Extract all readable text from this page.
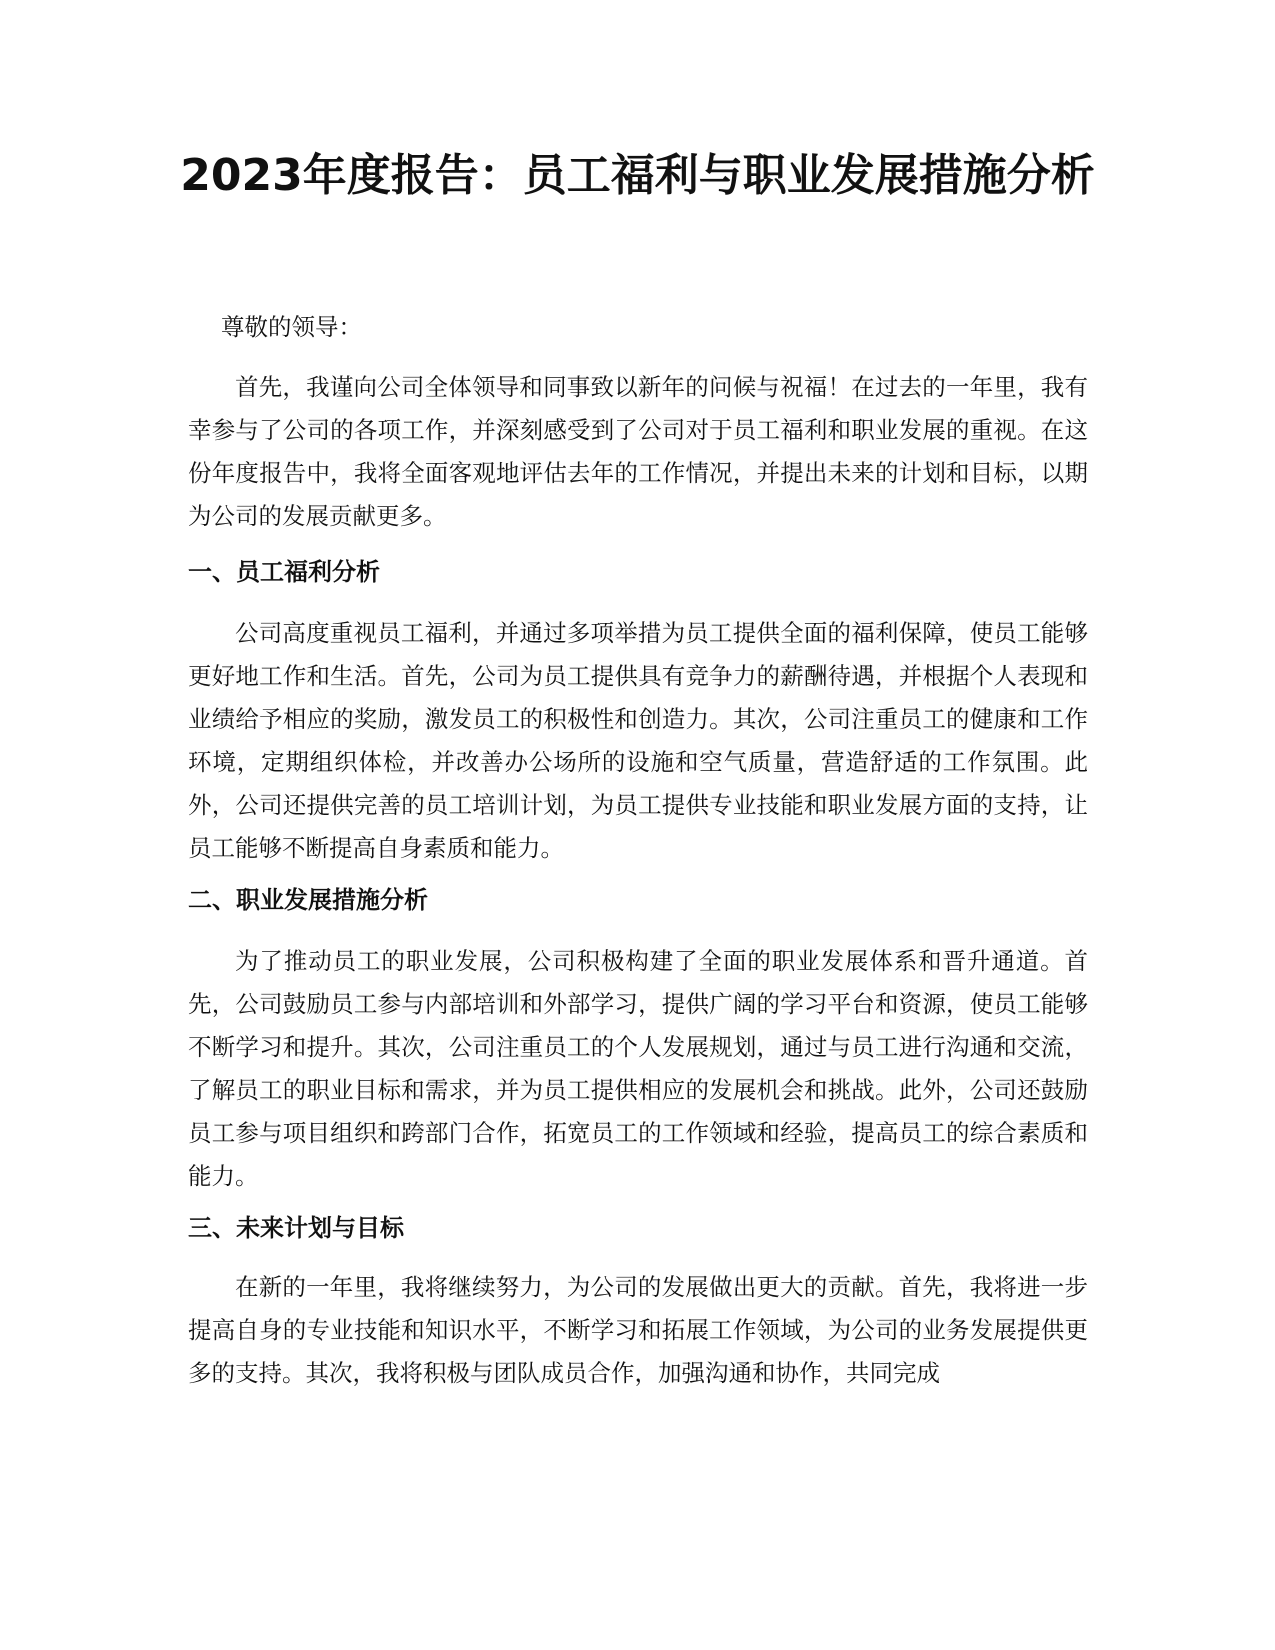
2023年度报告：员工福利与职业发展措施分析

尊敬的领导：

首先，我谨向公司全体领导和同事致以新年的问候与祝福！在过去的一年里，我有幸参与了公司的各项工作，并深刻感受到了公司对于员工福利和职业发展的重视。在这份年度报告中，我将全面客观地评估去年的工作情况，并提出未来的计划和目标，以期为公司的发展贡献更多。

一、员工福利分析

公司高度重视员工福利，并通过多项举措为员工提供全面的福利保障，使员工能够更好地工作和生活。首先，公司为员工提供具有竞争力的薪酬待遇，并根据个人表现和业绩给予相应的奖励，激发员工的积极性和创造力。其次，公司注重员工的健康和工作环境，定期组织体检，并改善办公场所的设施和空气质量，营造舒适的工作氛围。此外，公司还提供完善的员工培训计划，为员工提供专业技能和职业发展方面的支持，让员工能够不断提高自身素质和能力。

二、职业发展措施分析

为了推动员工的职业发展，公司积极构建了全面的职业发展体系和晋升通道。首先，公司鼓励员工参与内部培训和外部学习，提供广阔的学习平台和资源，使员工能够不断学习和提升。其次，公司注重员工的个人发展规划，通过与员工进行沟通和交流，了解员工的职业目标和需求，并为员工提供相应的发展机会和挑战。此外，公司还鼓励员工参与项目组织和跨部门合作，拓宽员工的工作领域和经验，提高员工的综合素质和能力。

三、未来计划与目标

在新的一年里，我将继续努力，为公司的发展做出更大的贡献。首先，我将进一步提高自身的专业技能和知识水平，不断学习和拓展工作领域，为公司的业务发展提供更多的支持。其次，我将积极与团队成员合作，加强沟通和协作，共同完成
